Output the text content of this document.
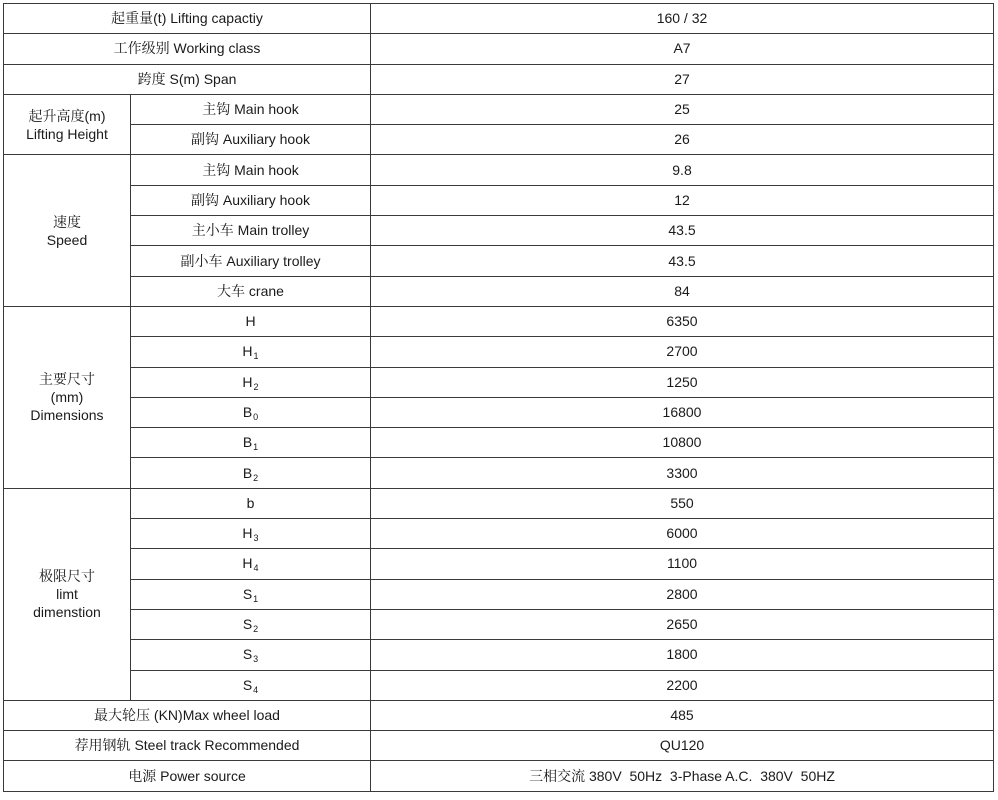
起重量(t) Lifting capactiy		160 / 32
工作级别 Working class		A7
跨度 S(m) Span		27

起升高度(m)
Lifting Height	主钩 Main hook	25
	副钩 Auxiliary hook	26

速度
Speed	主钩 Main hook	9.8
	副钩 Auxiliary hook	12
	主小车 Main trolley	43.5
	副小车 Auxiliary trolley	43.5
	大车 crane	84

主要尺寸
(mm)
Dimensions	H	6350
	$H_1$	2700
	$H_2$	1250
	$B_0$	16800
	$B_1$	10800
	$B_2$	3300

极限尺寸
limt
dimenstion	b	550
	$H_3$	6000
	$H_4$	1100
	$S_1$	2800
	$S_2$	2650
	$S_3$	1800
	$S_4$	2200
最大轮压 (KN)Max wheel load		485
荐用钢轨 Steel track Recommended		QU120
电源 Power source		三相交流 380V  50Hz  3-Phase A.C.  380V  50HZ
